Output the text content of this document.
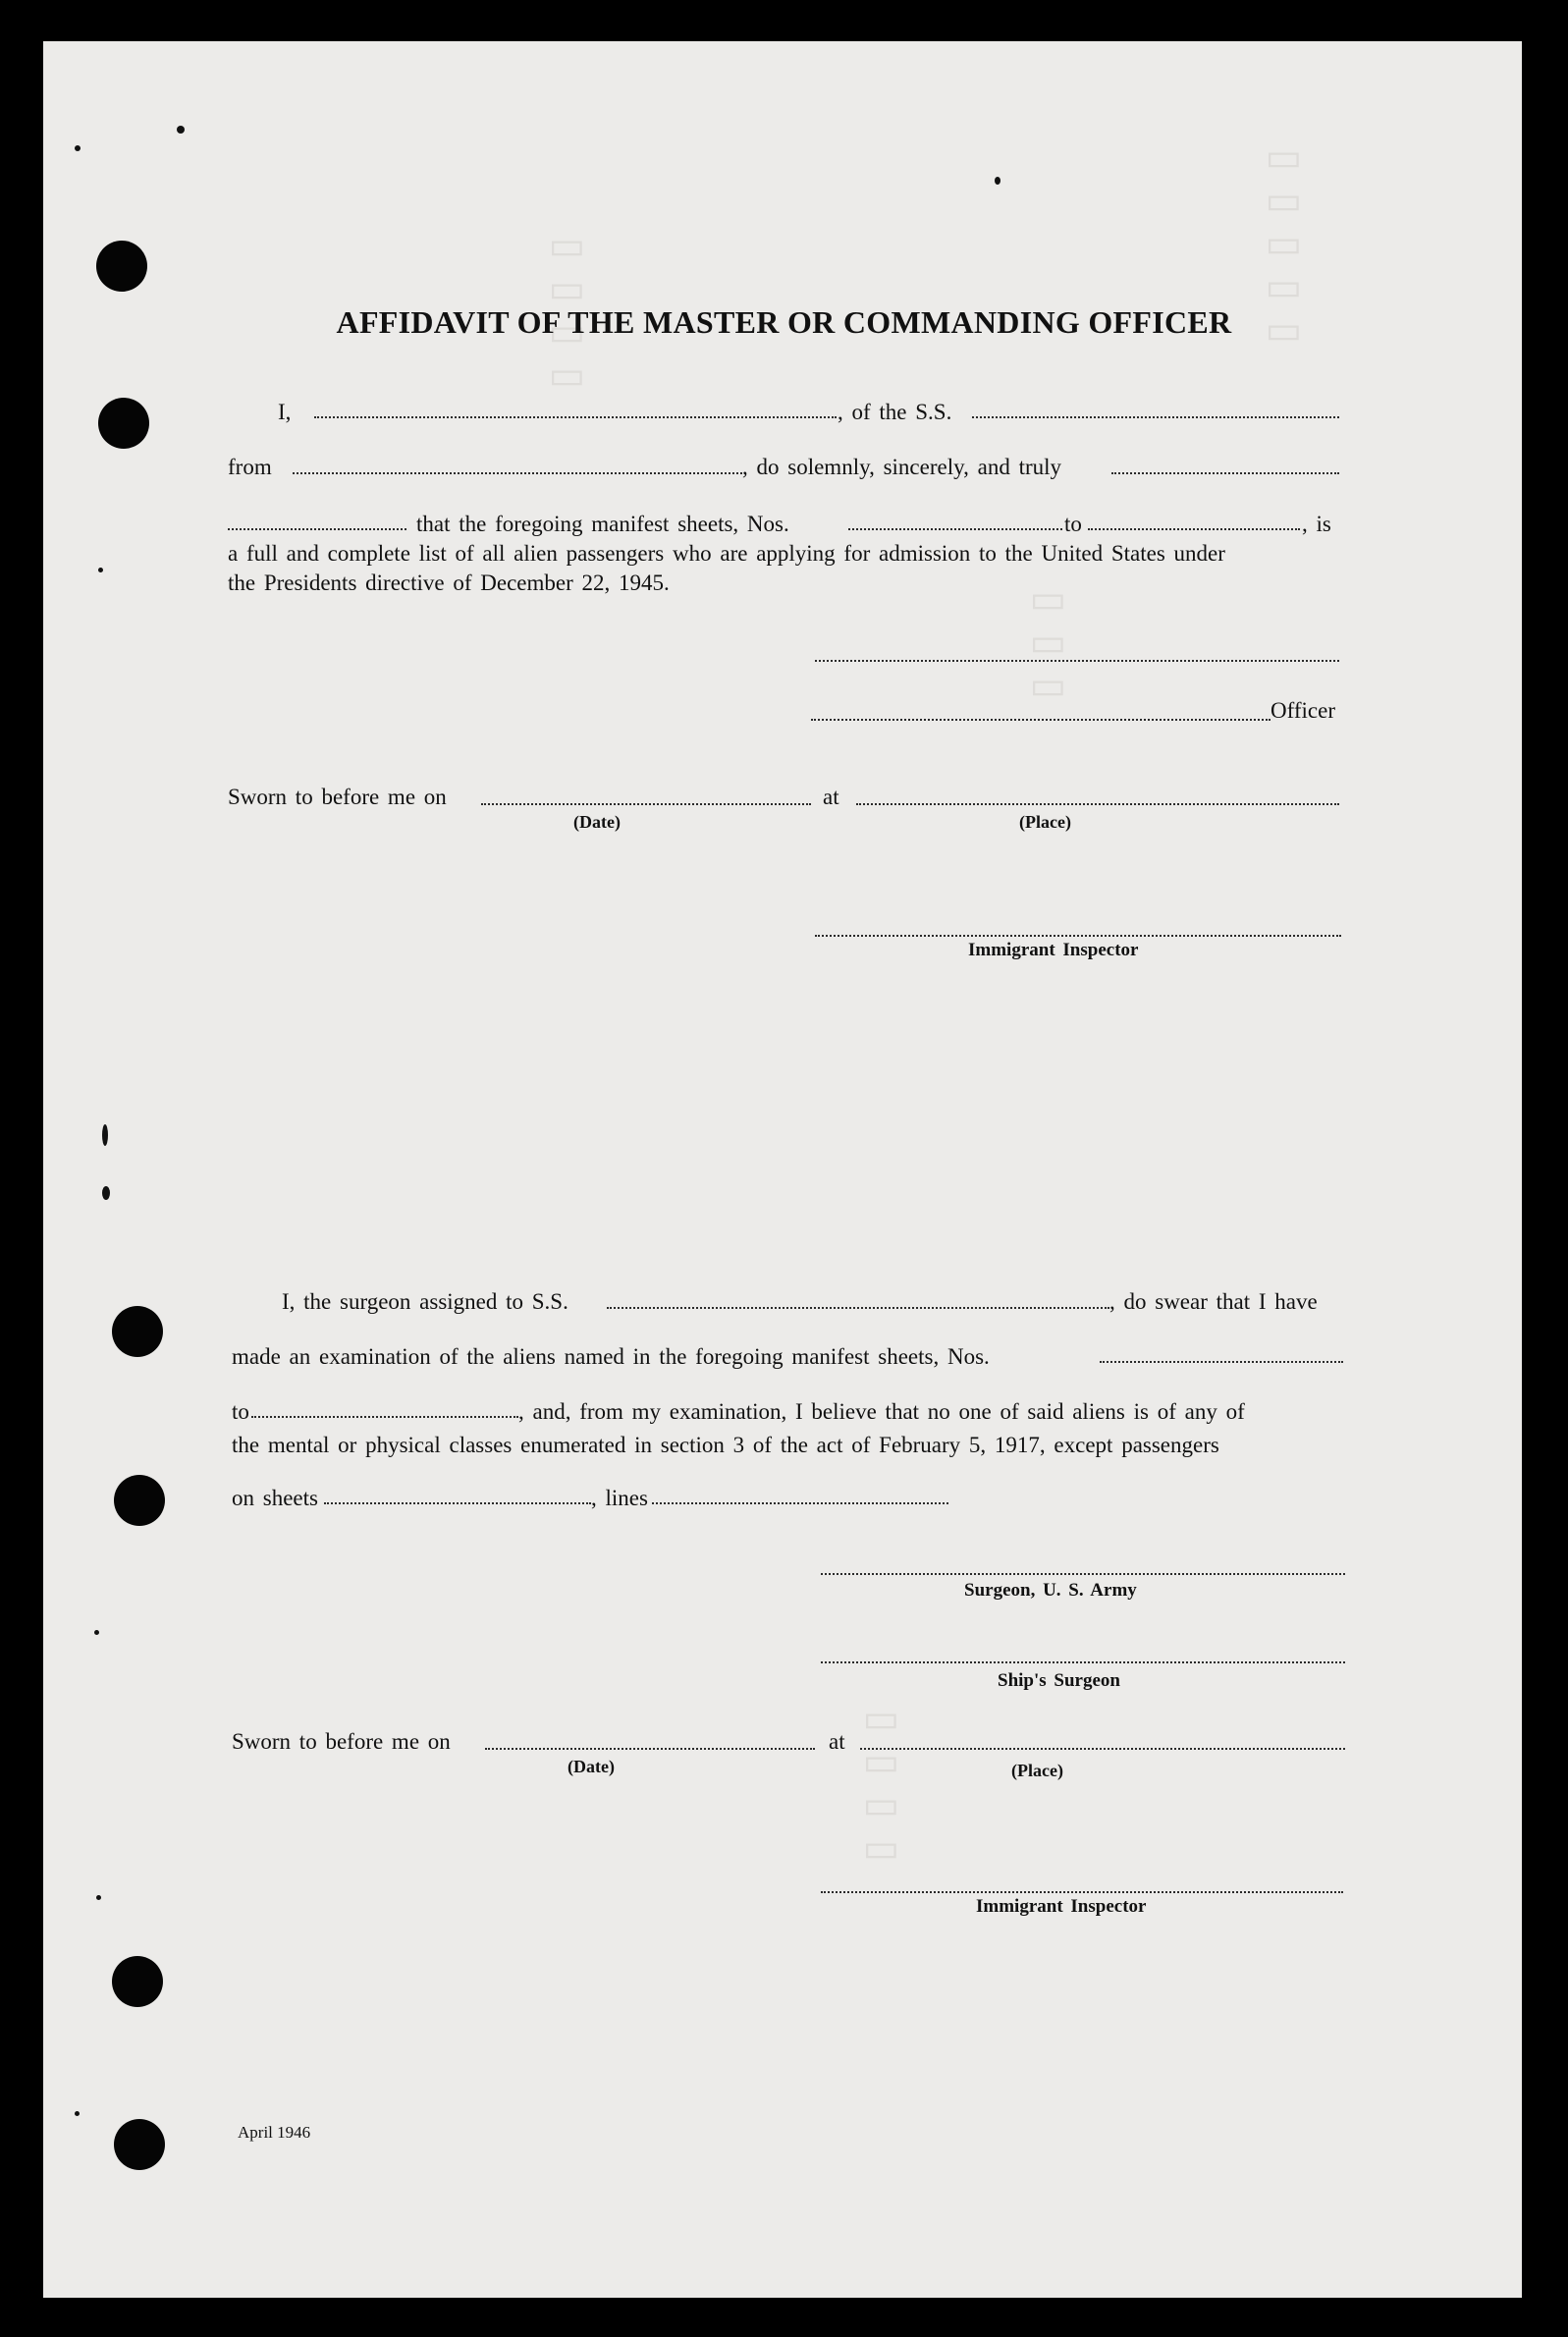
▯▯▯▯▯
▯▯▯▯
▯▯▯
▯▯▯▯
AFFIDAVIT OF THE MASTER OR COMMANDING OFFICER
I,	, of the S.S.
from	, do solemnly, sincerely, and truly
that the foregoing manifest sheets, Nos.	to	, is
a full and complete list of all alien passengers who are applying for admission to the United States under
the Presidents directive of December 22, 1945.
Officer
Sworn to before me on	at
(Date)	(Place)
Immigrant Inspector
I, the surgeon assigned to S.S.	, do swear that I have
made an examination of the aliens named in the foregoing manifest sheets, Nos.
to	, and, from my examination, I believe that no one of said aliens is of any of
the mental or physical classes enumerated in section 3 of the act of February 5, 1917, except passengers
on sheets	, lines
Surgeon, U. S. Army
Ship's Surgeon
Sworn to before me on	at
(Date)	(Place)
Immigrant Inspector
April 1946
